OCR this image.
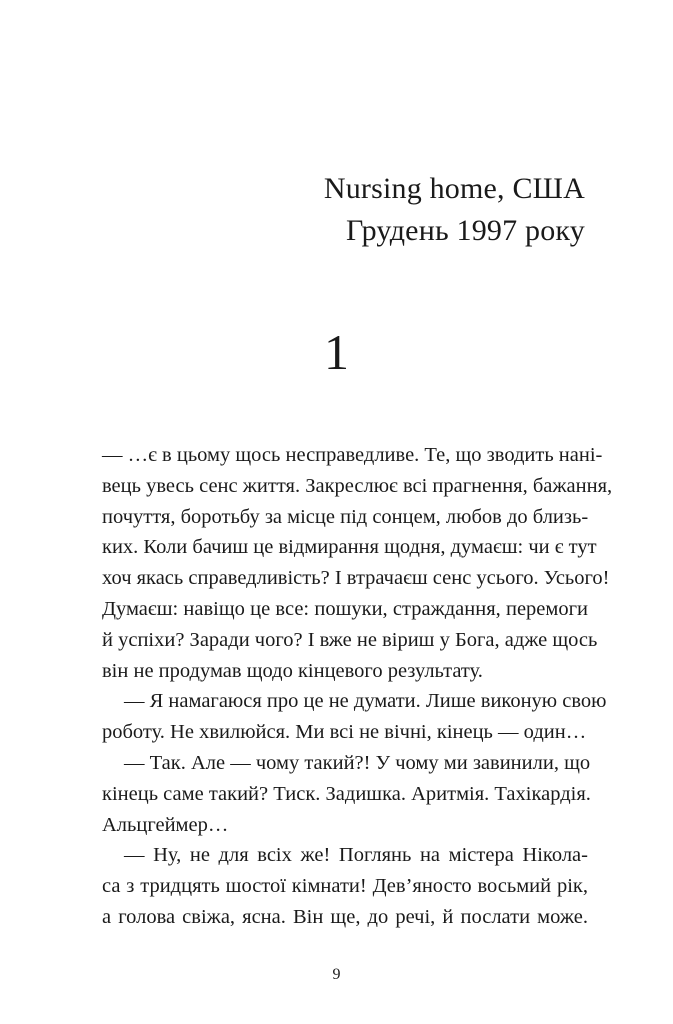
Nursing home, США
Грудень 1997 року
1
— …є в цьому щось несправедливе. Те, що зводить нані-
вець увесь сенс життя. Закреслює всі прагнення, бажання,
почуття, боротьбу за місце під сонцем, любов до близь-
ких. Коли бачиш це відмирання щодня, думаєш: чи є тут
хоч якась справедливість? І втрачаєш сенс усього. Усього!
Думаєш: навіщо це все: пошуки, страждання, перемоги
й успіхи? Заради чого? І вже не віриш у Бога, адже щось
він не продумав щодо кінцевого результату.
— Я намагаюся про це не думати. Лише виконую свою
роботу. Не хвилюйся. Ми всі не вічні, кінець — один…
— Так. Але — чому такий?! У чому ми завинили, що
кінець саме такий? Тиск. Задишка. Аритмія. Тахікардія.
Альцгеймер…
— Ну, не для всіх же! Поглянь на містера Нікола-
са з тридцять шостої кімнати! Дев’яносто восьмий рік,
а голова свіжа, ясна. Він ще, до речі, й послати може.
9
